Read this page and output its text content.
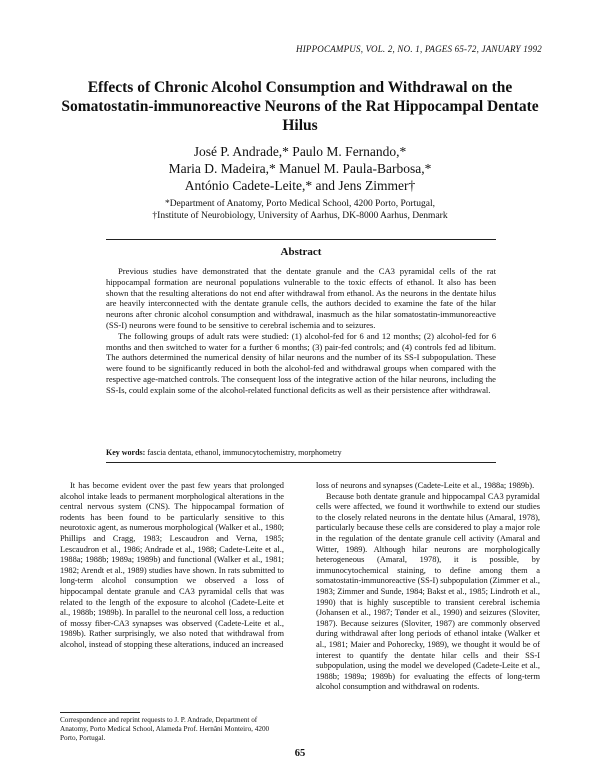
HIPPOCAMPUS, VOL. 2, NO. 1, PAGES 65-72, JANUARY 1992
Effects of Chronic Alcohol Consumption and Withdrawal on the Somatostatin-immunoreactive Neurons of the Rat Hippocampal Dentate Hilus
José P. Andrade,* Paulo M. Fernando,*
Maria D. Madeira,* Manuel M. Paula-Barbosa,*
António Cadete-Leite,* and Jens Zimmer†
*Department of Anatomy, Porto Medical School, 4200 Porto, Portugal,
†Institute of Neurobiology, University of Aarhus, DK-8000 Aarhus, Denmark
Abstract

Previous studies have demonstrated that the dentate granule and the CA3 pyramidal cells of the rat hippocampal formation are neuronal populations vulnerable to the toxic effects of ethanol. It also has been shown that the resulting alterations do not end after withdrawal from ethanol. As the neurons in the dentate hilus are heavily interconnected with the dentate granule cells, the authors decided to examine the fate of the hilar neurons after chronic alcohol consumption and withdrawal, inasmuch as the hilar somatostatin-immunoreactive (SS-I) neurons were found to be sensitive to cerebral ischemia and to seizures.

The following groups of adult rats were studied: (1) alcohol-fed for 6 and 12 months; (2) alcohol-fed for 6 months and then switched to water for a further 6 months; (3) pair-fed controls; and (4) controls fed ad libitum. The authors determined the numerical density of hilar neurons and the number of its SS-I subpopulation. These were found to be significantly reduced in both the alcohol-fed and withdrawal groups when compared with the respective age-matched controls. The consequent loss of the integrative action of the hilar neurons, including the SS-Is, could explain some of the alcohol-related functional deficits as well as their persistence after withdrawal.

Key words: fascia dentata, ethanol, immunocytochemistry, morphometry

It has become evident over the past few years that prolonged alcohol intake leads to permanent morphological alterations in the central nervous system (CNS). The hippocampal formation of rodents has been found to be particularly sensitive to this neurotoxic agent, as numerous morphological (Walker et al., 1980; Phillips and Cragg, 1983; Lescaudron and Verna, 1985; Lescaudron et al., 1986; Andrade et al., 1988; Cadete-Leite et al., 1988a; 1988b; 1989a; 1989b) and functional (Walker et al., 1981; 1982; Arendt et al., 1989) studies have shown. In rats submitted to long-term alcohol consumption we observed a loss of hippocampal dentate granule and CA3 pyramidal cells that was related to the length of the exposure to alcohol (Cadete-Leite et al., 1988b; 1989b). In parallel to the neuronal cell loss, a reduction of mossy fiber-CA3 synapses was observed (Cadete-Leite et al., 1989b). Rather surprisingly, we also noted that withdrawal from alcohol, instead of stopping these alterations, induced an increased

loss of neurons and synapses (Cadete-Leite et al., 1988a; 1989b).

Because both dentate granule and hippocampal CA3 pyramidal cells were affected, we found it worthwhile to extend our studies to the closely related neurons in the dentate hilus (Amaral, 1978), particularly because these cells are considered to play a major role in the regulation of the dentate granule cell activity (Amaral and Witter, 1989). Although hilar neurons are morphologically heterogeneous (Amaral, 1978), it is possible, by immunocytochemical staining, to define among them a somatostatin-immunoreactive (SS-I) subpopulation (Zimmer et al., 1983; Zimmer and Sunde, 1984; Bakst et al., 1985; Lindroth et al., 1990) that is highly susceptible to transient cerebral ischemia (Johansen et al., 1987; Tønder et al., 1990) and seizures (Sloviter, 1987). Because seizures (Sloviter, 1987) are commonly observed during withdrawal after long periods of ethanol intake (Walker et al., 1981; Maier and Pohorecky, 1989), we thought it would be of interest to quantify the dentate hilar cells and their SS-I subpopulation, using the model we developed (Cadete-Leite et al., 1988b; 1989a; 1989b) for evaluating the effects of long-term alcohol consumption and withdrawal on rodents.

Correspondence and reprint requests to J. P. Andrade, Department of Anatomy, Porto Medical School, Alameda Prof. Hernâni Monteiro, 4200 Porto, Portugal.
65
